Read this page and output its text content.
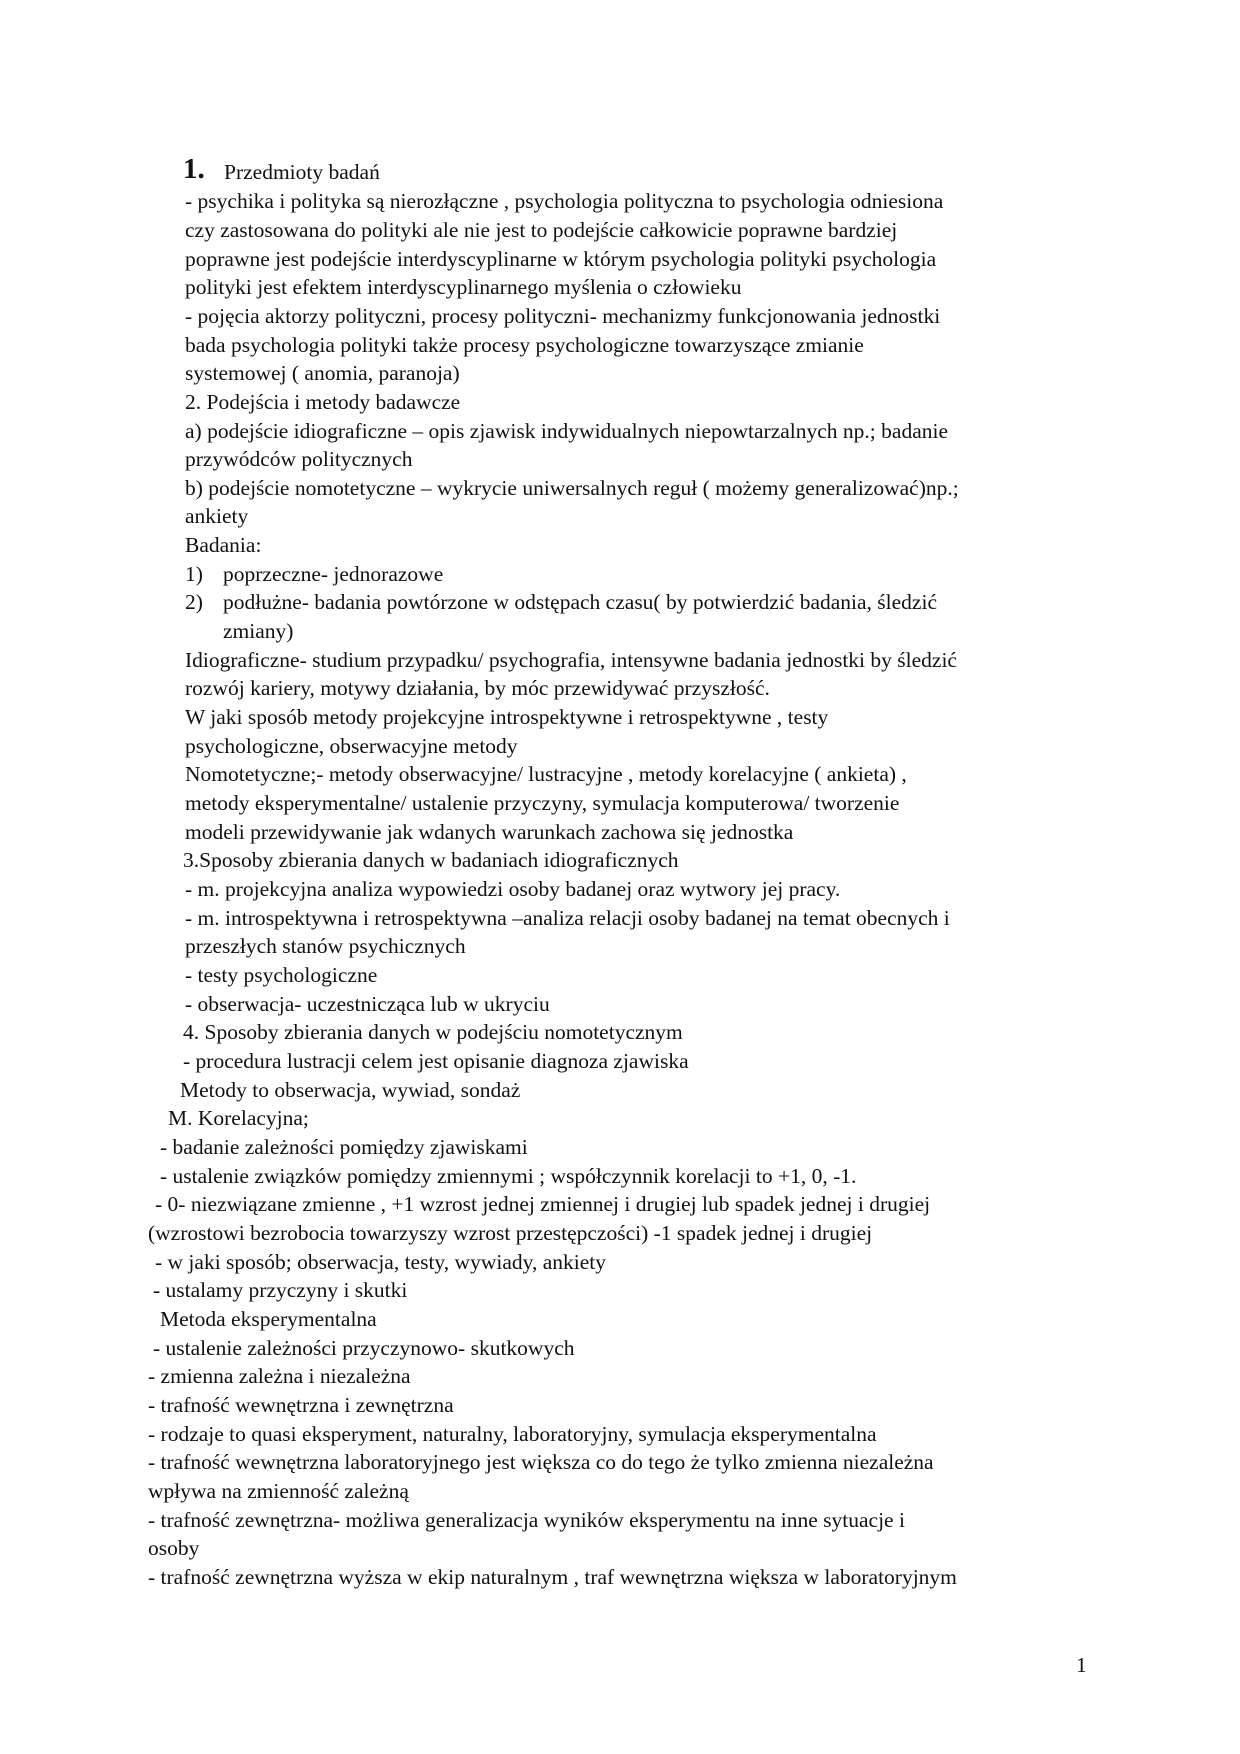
1. Przedmioty badań
- psychika i polityka są nierozłączne , psychologia polityczna to psychologia odniesiona
czy zastosowana do polityki ale nie jest to podejście całkowicie poprawne bardziej
poprawne jest podejście interdyscyplinarne w którym psychologia polityki psychologia
polityki jest efektem interdyscyplinarnego myślenia o człowieku
- pojęcia aktorzy polityczni, procesy polityczni- mechanizmy funkcjonowania jednostki
bada psychologia polityki także procesy psychologiczne towarzyszące zmianie
systemowej ( anomia, paranoja)
2. Podejścia i metody badawcze
a) podejście idiograficzne – opis zjawisk indywidualnych niepowtarzalnych np.; badanie
przywódców politycznych
b) podejście nomotetyczne – wykrycie uniwersalnych reguł ( możemy generalizować)np.;
ankiety
Badania:
1) poprzeczne- jednorazowe
2) podłużne- badania powtórzone w odstępach czasu( by potwierdzić badania, śledzić
zmiany)
Idiograficzne- studium przypadku/ psychografia, intensywne badania jednostki by śledzić
rozwój kariery, motywy działania, by móc przewidywać przyszłość.
W jaki sposób metody projekcyjne introspektywne i retrospektywne , testy
psychologiczne, obserwacyjne metody
Nomotetyczne;- metody obserwacyjne/ lustracyjne , metody korelacyjne ( ankieta) ,
metody eksperymentalne/ ustalenie przyczyny, symulacja komputerowa/ tworzenie
modeli przewidywanie jak wdanych warunkach zachowa się jednostka
3.Sposoby zbierania danych w badaniach idiograficznych
- m. projekcyjna analiza wypowiedzi osoby badanej oraz wytwory jej pracy.
- m. introspektywna i retrospektywna –analiza relacji osoby badanej na temat obecnych i
przeszłych stanów psychicznych
- testy psychologiczne
- obserwacja- uczestnicząca lub w ukryciu
4. Sposoby zbierania danych w podejściu nomotetycznym
- procedura lustracji celem jest opisanie diagnoza zjawiska
Metody to obserwacja, wywiad, sondaż
M. Korelacyjna;
- badanie zależności pomiędzy zjawiskami
- ustalenie związków pomiędzy zmiennymi ; współczynnik korelacji to +1, 0, -1.
- 0- niezwiązane zmienne , +1 wzrost jednej zmiennej i drugiej lub spadek jednej i drugiej
(wzrostowi bezrobocia towarzyszy wzrost przestępczości) -1 spadek jednej i drugiej
- w jaki sposób; obserwacja, testy, wywiady, ankiety
- ustalamy przyczyny i skutki
Metoda eksperymentalna
- ustalenie zależności przyczynowo- skutkowych
- zmienna zależna i niezależna
- trafność wewnętrzna i zewnętrzna
- rodzaje to quasi eksperyment, naturalny, laboratoryjny, symulacja eksperymentalna
- trafność wewnętrzna laboratoryjnego jest większa co do tego że tylko zmienna niezależna
wpływa na zmienność zależną
- trafność zewnętrzna- możliwa generalizacja wyników eksperymentu na inne sytuacje i
osoby
- trafność zewnętrzna wyższa w ekip naturalnym , traf wewnętrzna większa w laboratoryjnym
1
